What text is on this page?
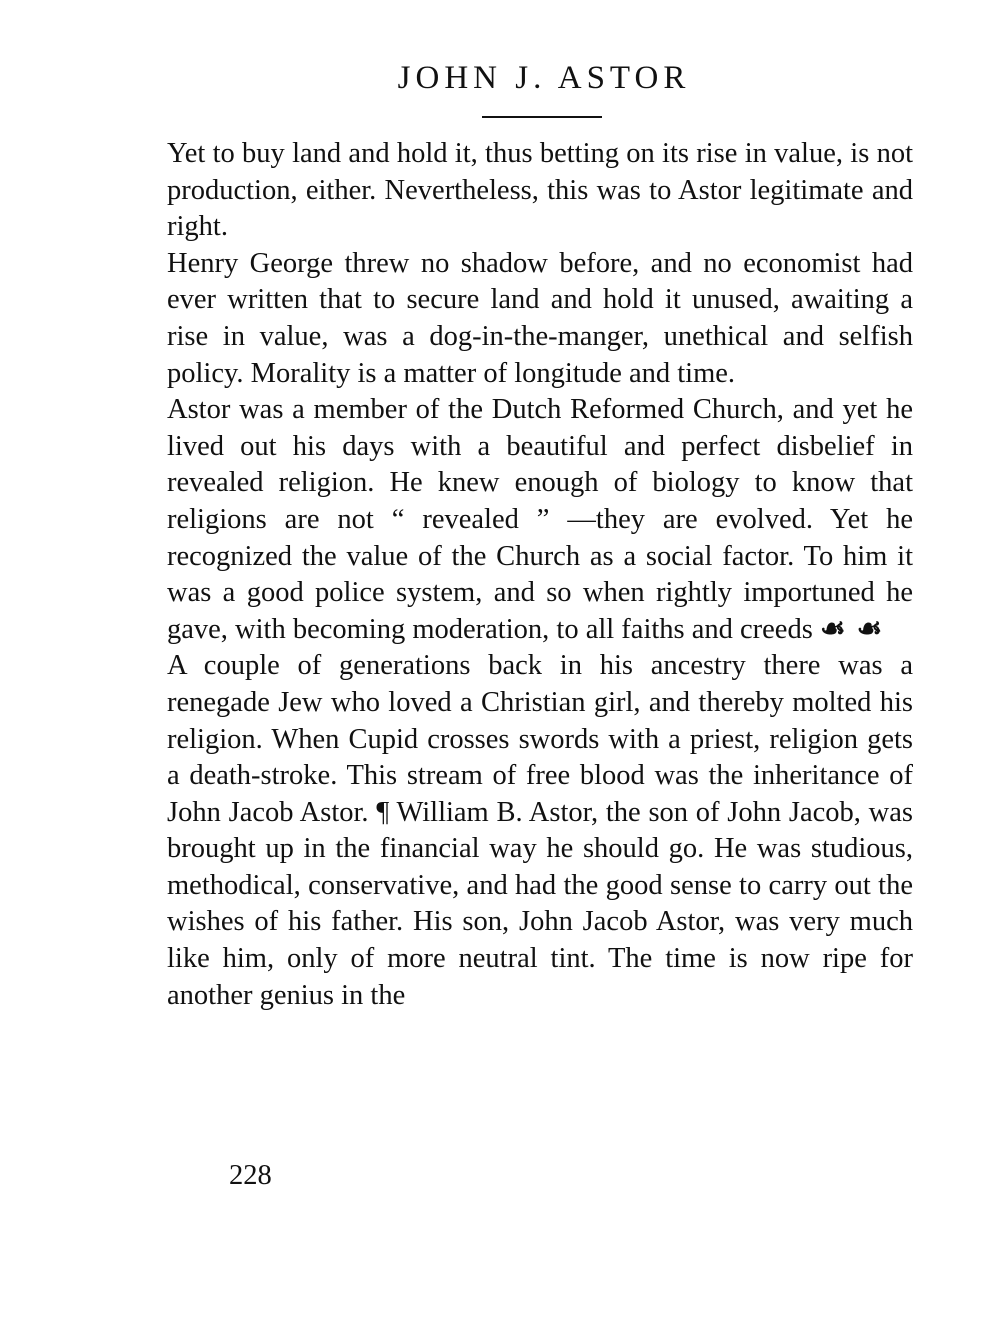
JOHN J. ASTOR

Yet to buy land and hold it, thus betting on its rise in value, is not production, either. Nevertheless, this was to Astor legitimate and right.

Henry George threw no shadow before, and no economist had ever written that to secure land and hold it unused, awaiting a rise in value, was a dog-in-the-manger, unethical and selfish policy. Morality is a matter of longitude and time.

Astor was a member of the Dutch Reformed Church, and yet he lived out his days with a beautiful and perfect disbelief in revealed religion. He knew enough of biology to know that religions are not “ revealed ” —they are evolved. Yet he recognized the value of the Church as a social factor. To him it was a good police system, and so when rightly importuned he gave, with becoming moderation, to all faiths and creeds ☙ ☙

A couple of generations back in his ancestry there was a renegade Jew who loved a Christian girl, and thereby molted his religion. When Cupid crosses swords with a priest, religion gets a death-stroke. This stream of free blood was the inheritance of John Jacob Astor. ¶ William B. Astor, the son of John Jacob, was brought up in the financial way he should go. He was studious, methodical, conservative, and had the good sense to carry out the wishes of his father. His son, John Jacob Astor, was very much like him, only of more neutral tint. The time is now ripe for another genius in the

228
